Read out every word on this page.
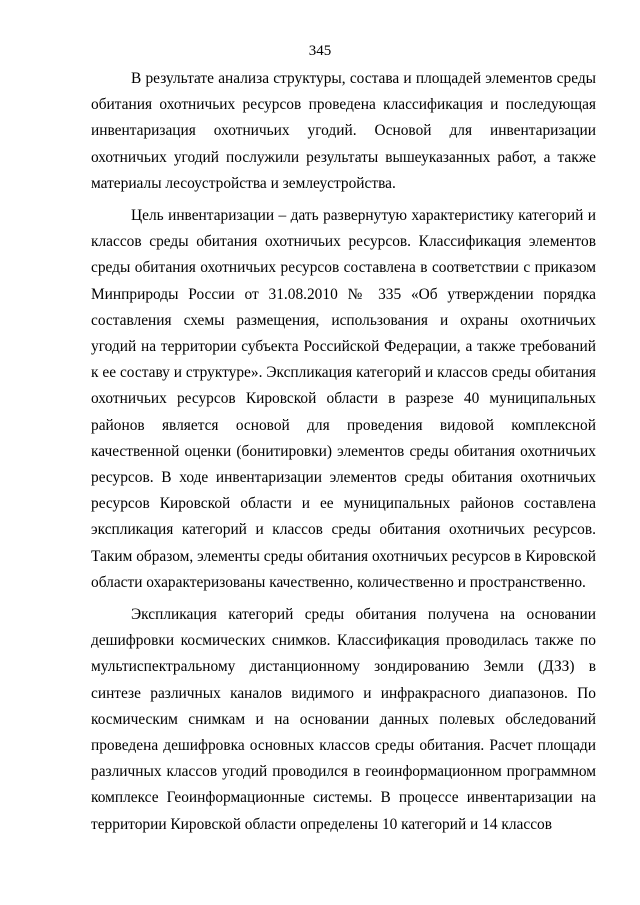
345

В результате анализа структуры, состава и площадей элементов среды обитания охотничьих ресурсов проведена классификация и последующая инвентаризация охотничьих угодий. Основой для инвентаризации охотничьих угодий послужили результаты вышеуказанных работ, а также материалы лесоустройства и землеустройства.

Цель инвентаризации – дать развернутую характеристику категорий и классов среды обитания охотничьих ресурсов. Классификация элементов среды обитания охотничьих ресурсов составлена в соответствии с приказом Минприроды России от 31.08.2010 № 335 «Об утверждении порядка составления схемы размещения, использования и охраны охотничьих угодий на территории субъекта Российской Федерации, а также требований к ее составу и структуре». Экспликация категорий и классов среды обитания охотничьих ресурсов Кировской области в разрезе 40 муниципальных районов является основой для проведения видовой комплексной качественной оценки (бонитировки) элементов среды обитания охотничьих ресурсов. В ходе инвентаризации элементов среды обитания охотничьих ресурсов Кировской области и ее муниципальных районов составлена экспликация категорий и классов среды обитания охотничьих ресурсов. Таким образом, элементы среды обитания охотничьих ресурсов в Кировской области охарактеризованы качественно, количественно и пространственно.

Экспликация категорий среды обитания получена на основании дешифровки космических снимков. Классификация проводилась также по мультиспектральному дистанционному зондированию Земли (ДЗЗ) в синтезе различных каналов видимого и инфракрасного диапазонов. По космическим снимкам и на основании данных полевых обследований проведена дешифровка основных классов среды обитания. Расчет площади различных классов угодий проводился в геоинформационном программном комплексе Геоинформационные системы. В процессе инвентаризации на территории Кировской области определены 10 категорий и 14 классов
